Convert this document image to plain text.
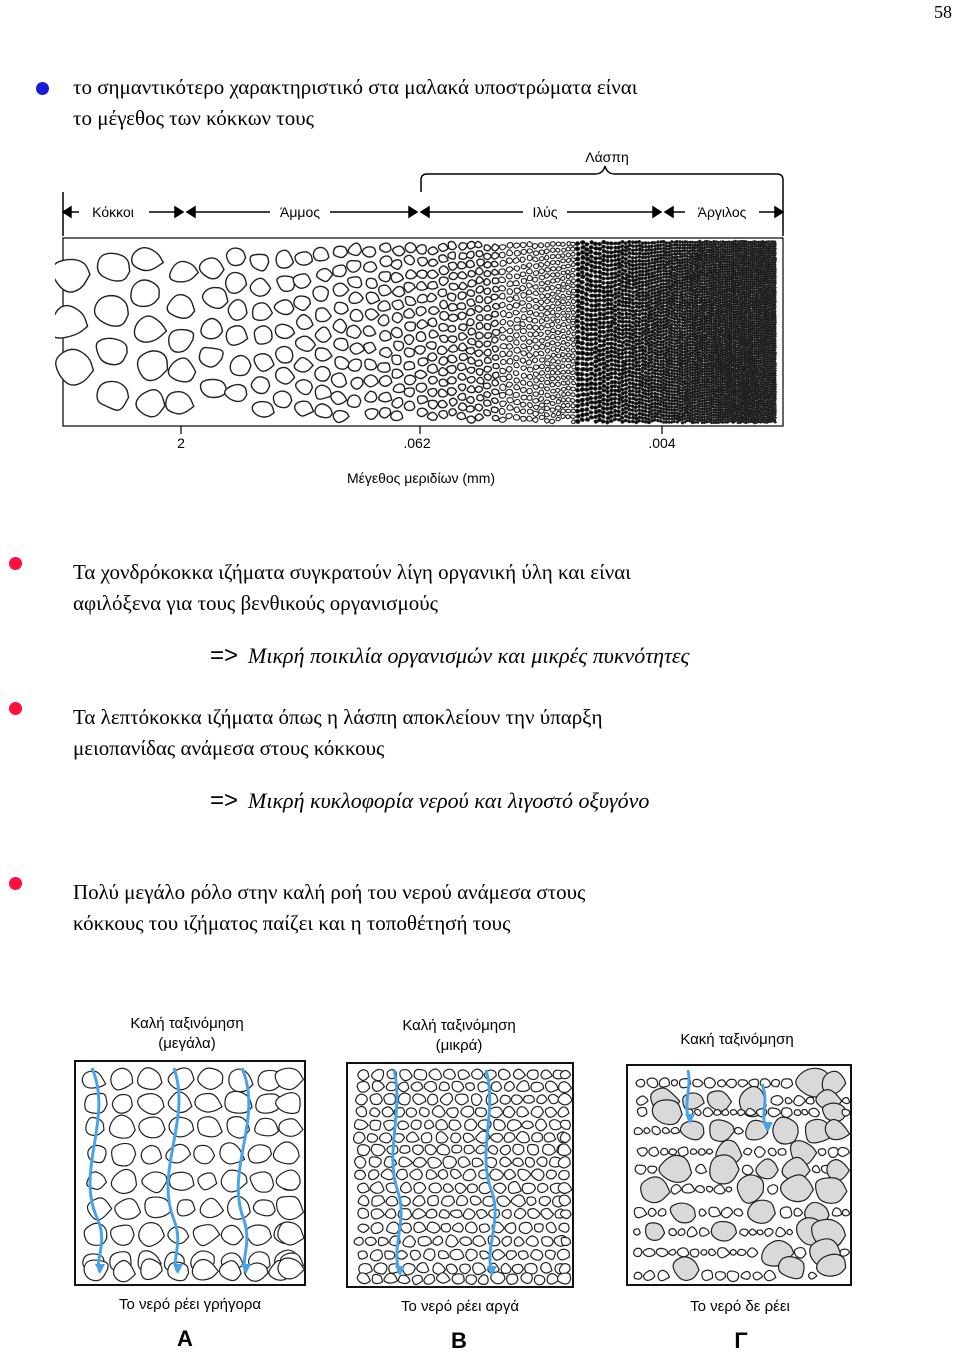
58
το σημαντικότερο χαρακτηριστικό στα μαλακά υποστρώματα είναι
το μέγεθος των κόκκων τους
Λάσπη
Κόκκοι	Άμμος	Ιλύς	Άργιλος
2	.062	.004
Μέγεθος μεριδίων (mm)
Τα χονδρόκοκκα ιζήματα συγκρατούν λίγη οργανική ύλη και είναι
αφιλόξενα για τους βενθικούς οργανισμούς
=> Μικρή ποικιλία οργανισμών και μικρές πυκνότητες
Τα λεπτόκοκκα ιζήματα όπως η λάσπη αποκλείουν την ύπαρξη
μειοπανίδας ανάμεσα στους κόκκους
=> Μικρή κυκλοφορία νερού και λιγοστό οξυγόνο
Πολύ μεγάλο ρόλο στην καλή ροή του νερού ανάμεσα στους
κόκκους του ιζήματος παίζει και η τοποθέτησή τους
Καλή ταξινόμηση
(μεγάλα)
Καλή ταξινόμηση
(μικρά)	Κακή ταξινόμηση
Το νερό ρέει γρήγορα	Το νερό ρέει αργά	Το νερό δε ρέει
Α	Β	Γ
